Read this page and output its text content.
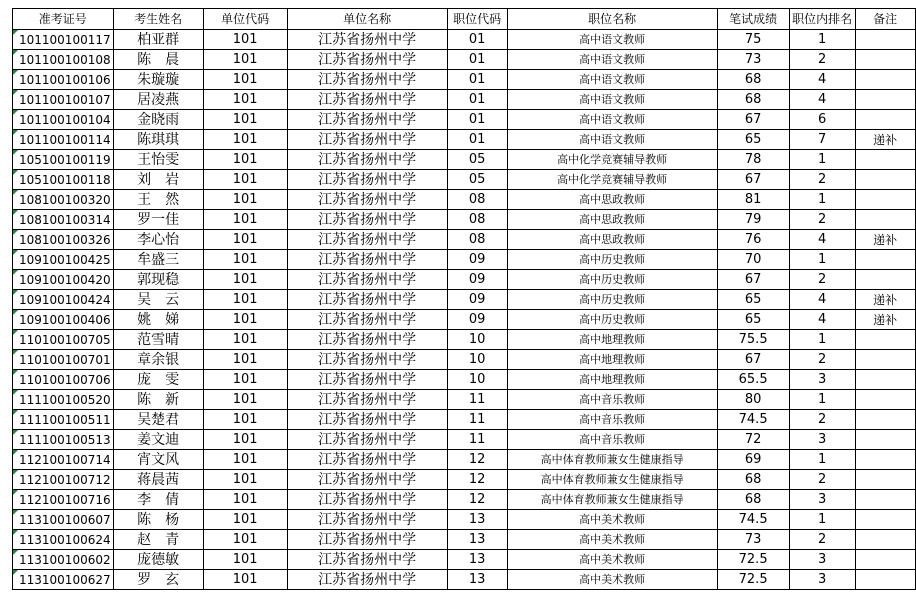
准考证号	考生姓名	单位代码	单位名称	职位代码	职位名称	笔试成绩	职位内排名	备注
101100100117	柏亚群	101	江苏省扬州中学	01	高中语文教师	75	1	
101100100108	陈　晨	101	江苏省扬州中学	01	高中语文教师	73	2	
101100100106	朱璇璇	101	江苏省扬州中学	01	高中语文教师	68	4	
101100100107	居凌燕	101	江苏省扬州中学	01	高中语文教师	68	4	
101100100104	金晓雨	101	江苏省扬州中学	01	高中语文教师	67	6	
101100100114	陈琪琪	101	江苏省扬州中学	01	高中语文教师	65	7	递补
105100100119	王怡雯	101	江苏省扬州中学	05	高中化学竞赛辅导教师	78	1	
105100100118	刘　岩	101	江苏省扬州中学	05	高中化学竞赛辅导教师	67	2	
108100100320	王　然	101	江苏省扬州中学	08	高中思政教师	81	1	
108100100314	罗一佳	101	江苏省扬州中学	08	高中思政教师	79	2	
108100100326	李心怡	101	江苏省扬州中学	08	高中思政教师	76	4	递补
109100100425	牟盛三	101	江苏省扬州中学	09	高中历史教师	70	1	
109100100420	郭现稳	101	江苏省扬州中学	09	高中历史教师	67	2	
109100100424	吴　云	101	江苏省扬州中学	09	高中历史教师	65	4	递补
109100100406	姚　娣	101	江苏省扬州中学	09	高中历史教师	65	4	递补
110100100705	范雪晴	101	江苏省扬州中学	10	高中地理教师	75.5	1	
110100100701	章余银	101	江苏省扬州中学	10	高中地理教师	67	2	
110100100706	庞　雯	101	江苏省扬州中学	10	高中地理教师	65.5	3	
111100100520	陈　新	101	江苏省扬州中学	11	高中音乐教师	80	1	
111100100511	吴楚君	101	江苏省扬州中学	11	高中音乐教师	74.5	2	
111100100513	姜文迪	101	江苏省扬州中学	11	高中音乐教师	72	3	
112100100714	宵文风	101	江苏省扬州中学	12	高中体育教师兼女生健康指导	69	1	
112100100712	蒋晨茜	101	江苏省扬州中学	12	高中体育教师兼女生健康指导	68	2	
112100100716	李　倩	101	江苏省扬州中学	12	高中体育教师兼女生健康指导	68	3	
113100100607	陈　杨	101	江苏省扬州中学	13	高中美术教师	74.5	1	
113100100624	赵　青	101	江苏省扬州中学	13	高中美术教师	73	2	
113100100602	庞德敏	101	江苏省扬州中学	13	高中美术教师	72.5	3	
113100100627	罗　玄	101	江苏省扬州中学	13	高中美术教师	72.5	3	
